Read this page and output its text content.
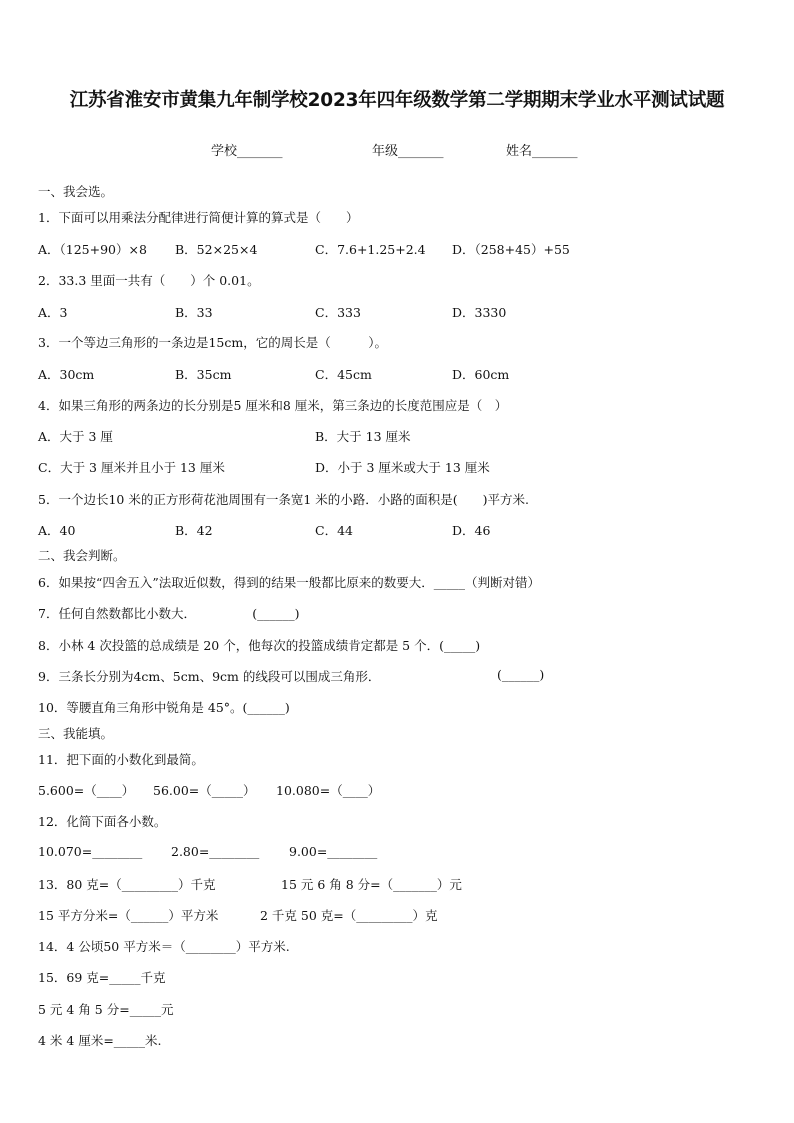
江苏省淮安市黄集九年制学校2023年四年级数学第二学期期末学业水平测试试题
学校_______	年级_______	姓名_______
一、我会选。
1．下面可以用乘法分配律进行简便计算的算式是（　　）
A．（125+90）×8 B．52×25×4	C．7.6+1.25+2.4 D．（258+45）+55
2．33.3 里面一共有（　　）个 0.01。
A．3	B．33	C．333	D．3330
3．一个等边三角形的一条边是15cm，它的周长是（　　　）。
A．30cm	B．35cm	C．45cm	D．60cm
4．如果三角形的两条边的长分别是5 厘米和8 厘米，第三条边的长度范围应是（　）
A．大于 3 厘	B．大于 13 厘米
C．大于 3 厘米并且小于 13 厘米	D．小于 3 厘米或大于 13 厘米
5．一个边长10 米的正方形荷花池周围有一条宽1 米的小路．小路的面积是(　　)平方米.
A．40	B．42	C．44	D．46
二、我会判断。
6．如果按“四舍五入”法取近似数，得到的结果一般都比原来的数要大．_____（判断对错）
7．任何自然数都比小数大．　　　　　(______)
8．小林 4 次投篮的总成绩是 20 个，他每次的投篮成绩肯定都是 5 个．(_____)
9．三条长分别为4cm、5cm、9cm 的线段可以围成三角形．	(______)
10．等腰直角三角形中锐角是 45°。(______)
三、我能填。
11．把下面的小数化到最简。
5.600=（____） 56.00=（_____） 10.080=（____）
12．化简下面各小数。
10.070=________ 2.80=________ 9.00=________
13．80 克=（_________）千克	15 元 6 角 8 分=（_______）元
15 平方分米=（______）平方米	2 千克 50 克=（_________）克
14．4 公顷50 平方米＝（________）平方米.
15．69 克=_____千克
5 元 4 角 5 分=_____元
4 米 4 厘米=_____米.
